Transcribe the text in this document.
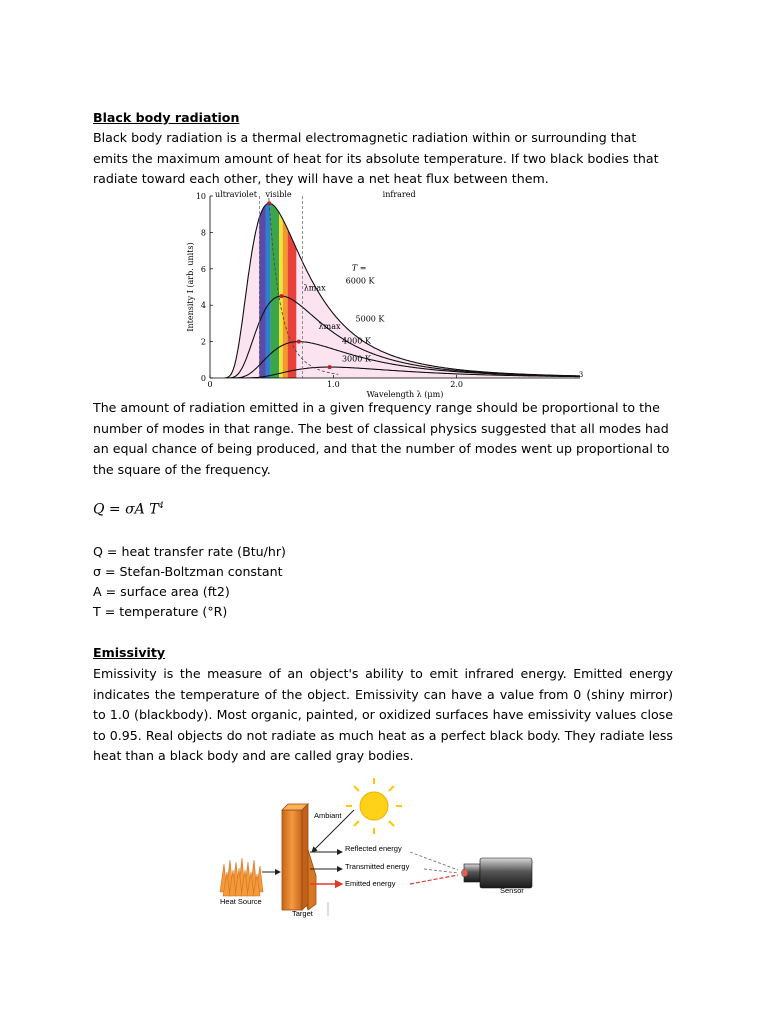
Black body radiation
Black body radiation is a thermal electromagnetic radiation within or surrounding that emits the maximum amount of heat for its absolute temperature. If two black bodies that radiate toward each other, they will have a net heat flux between them.
0
2
4
6
8
10
0	1.0	2.0
3
Wavelength λ (μm)
Intensity I (arb. units)
ultraviolet visible	infrared
T =
6000 K
5000 K
4000 K
3000 K
λmax
λmax
The amount of radiation emitted in a given frequency range should be proportional to the number of modes in that range. The best of classical physics suggested that all modes had an equal chance of being produced, and that the number of modes went up proportional to the square of the frequency.
Q = σA $T^4$
Q = heat transfer rate (Btu/hr)
σ = Stefan-Boltzman constant
A = surface area (ft2)
T = temperature (°R)
Emissivity
Emissivity is the measure of an object's ability to emit infrared energy. Emitted energy indicates the temperature of the object. Emissivity can have a value from 0 (shiny mirror) to 1.0 (blackbody). Most organic, painted, or oxidized surfaces have emissivity values close to 0.95. Real objects do not radiate as much heat as a perfect black body. They radiate less heat than a black body and are called gray bodies.
Ambiant
Reflected energy
Transmitted energy
Emitted energy
Sensor
Heat Source
Target
